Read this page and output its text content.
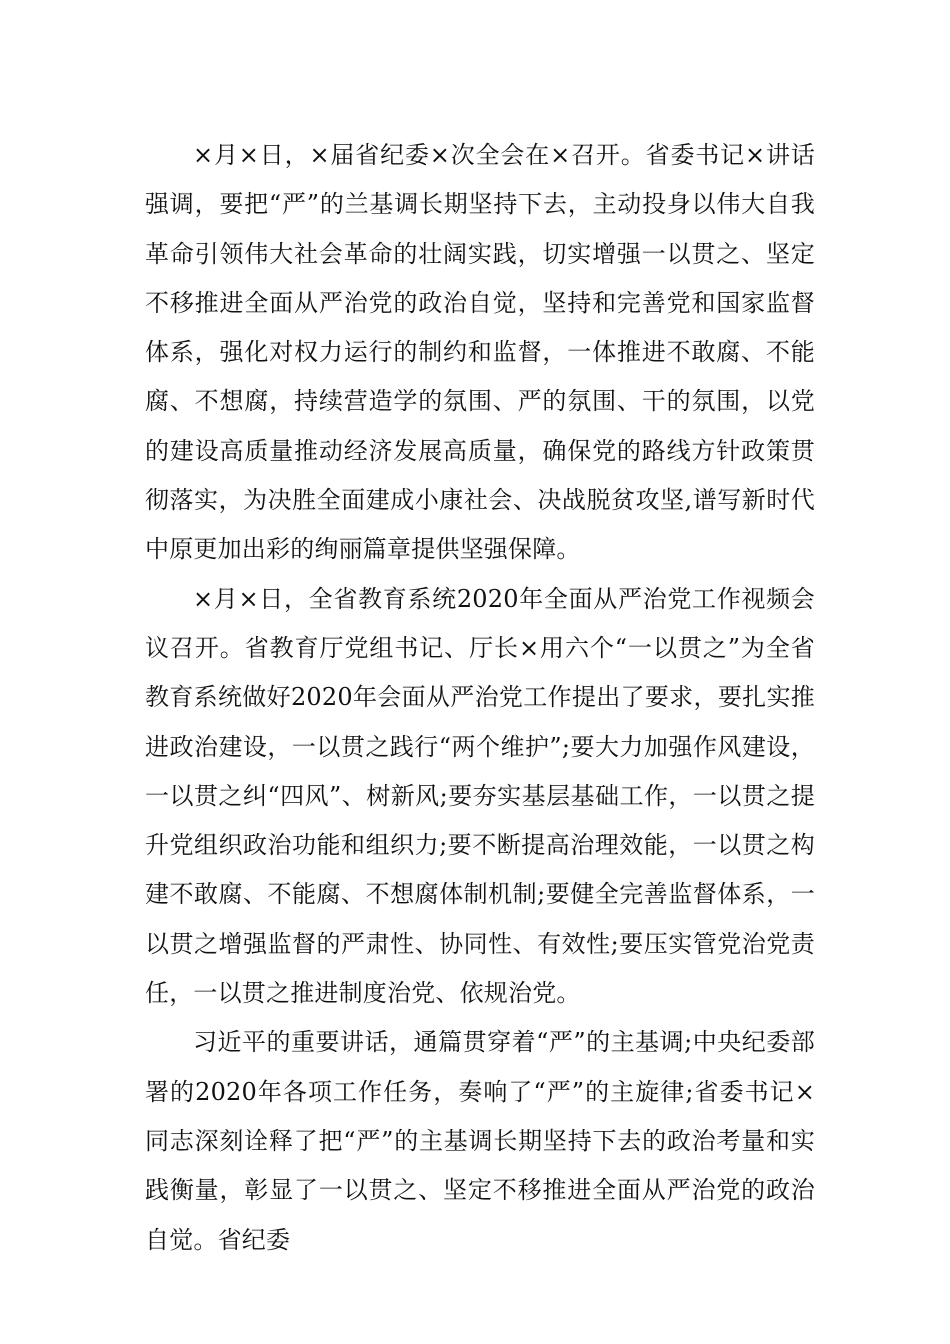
×月×日，×届省纪委×次全会在×召开。省委书记×讲话强调，要把“严”的兰基调长期坚持下去，主动投身以伟大自我革命引领伟大社会革命的壮阔实践，切实增强一以贯之、坚定不移推进全面从严治党的政治自觉，坚持和完善党和国家监督体系，强化对权力运行的制约和监督，一体推进不敢腐、不能腐、不想腐，持续营造学的氛围、严的氛围、干的氛围，以党的建设高质量推动经济发展高质量，确保党的路线方针政策贯彻落实，为决胜全面建成小康社会、决战脱贫攻坚,谱写新时代中原更加出彩的绚丽篇章提供坚强保障。

×月×日，全省教育系统2020年全面从严治党工作视频会议召开。省教育厅党组书记、厅长×用六个“一以贯之”为全省教育系统做好2020年会面从严治党工作提出了要求，要扎实推进政治建设，一以贯之践行“两个维护”;要大力加强作风建设，一以贯之纠“四风”、树新风;要夯实基层基础工作，一以贯之提升党组织政治功能和组织力;要不断提高治理效能，一以贯之构建不敢腐、不能腐、不想腐体制机制;要健全完善监督体系，一以贯之增强监督的严肃性、协同性、有效性;要压实管党治党责任，一以贯之推进制度治党、依规治党。

习近平的重要讲话，通篇贯穿着“严”的主基调;中央纪委部署的2020年各项工作任务，奏响了“严”的主旋律;省委书记×同志深刻诠释了把“严”的主基调长期坚持下去的政治考量和实践衡量，彰显了一以贯之、坚定不移推进全面从严治党的政治自觉。省纪委
